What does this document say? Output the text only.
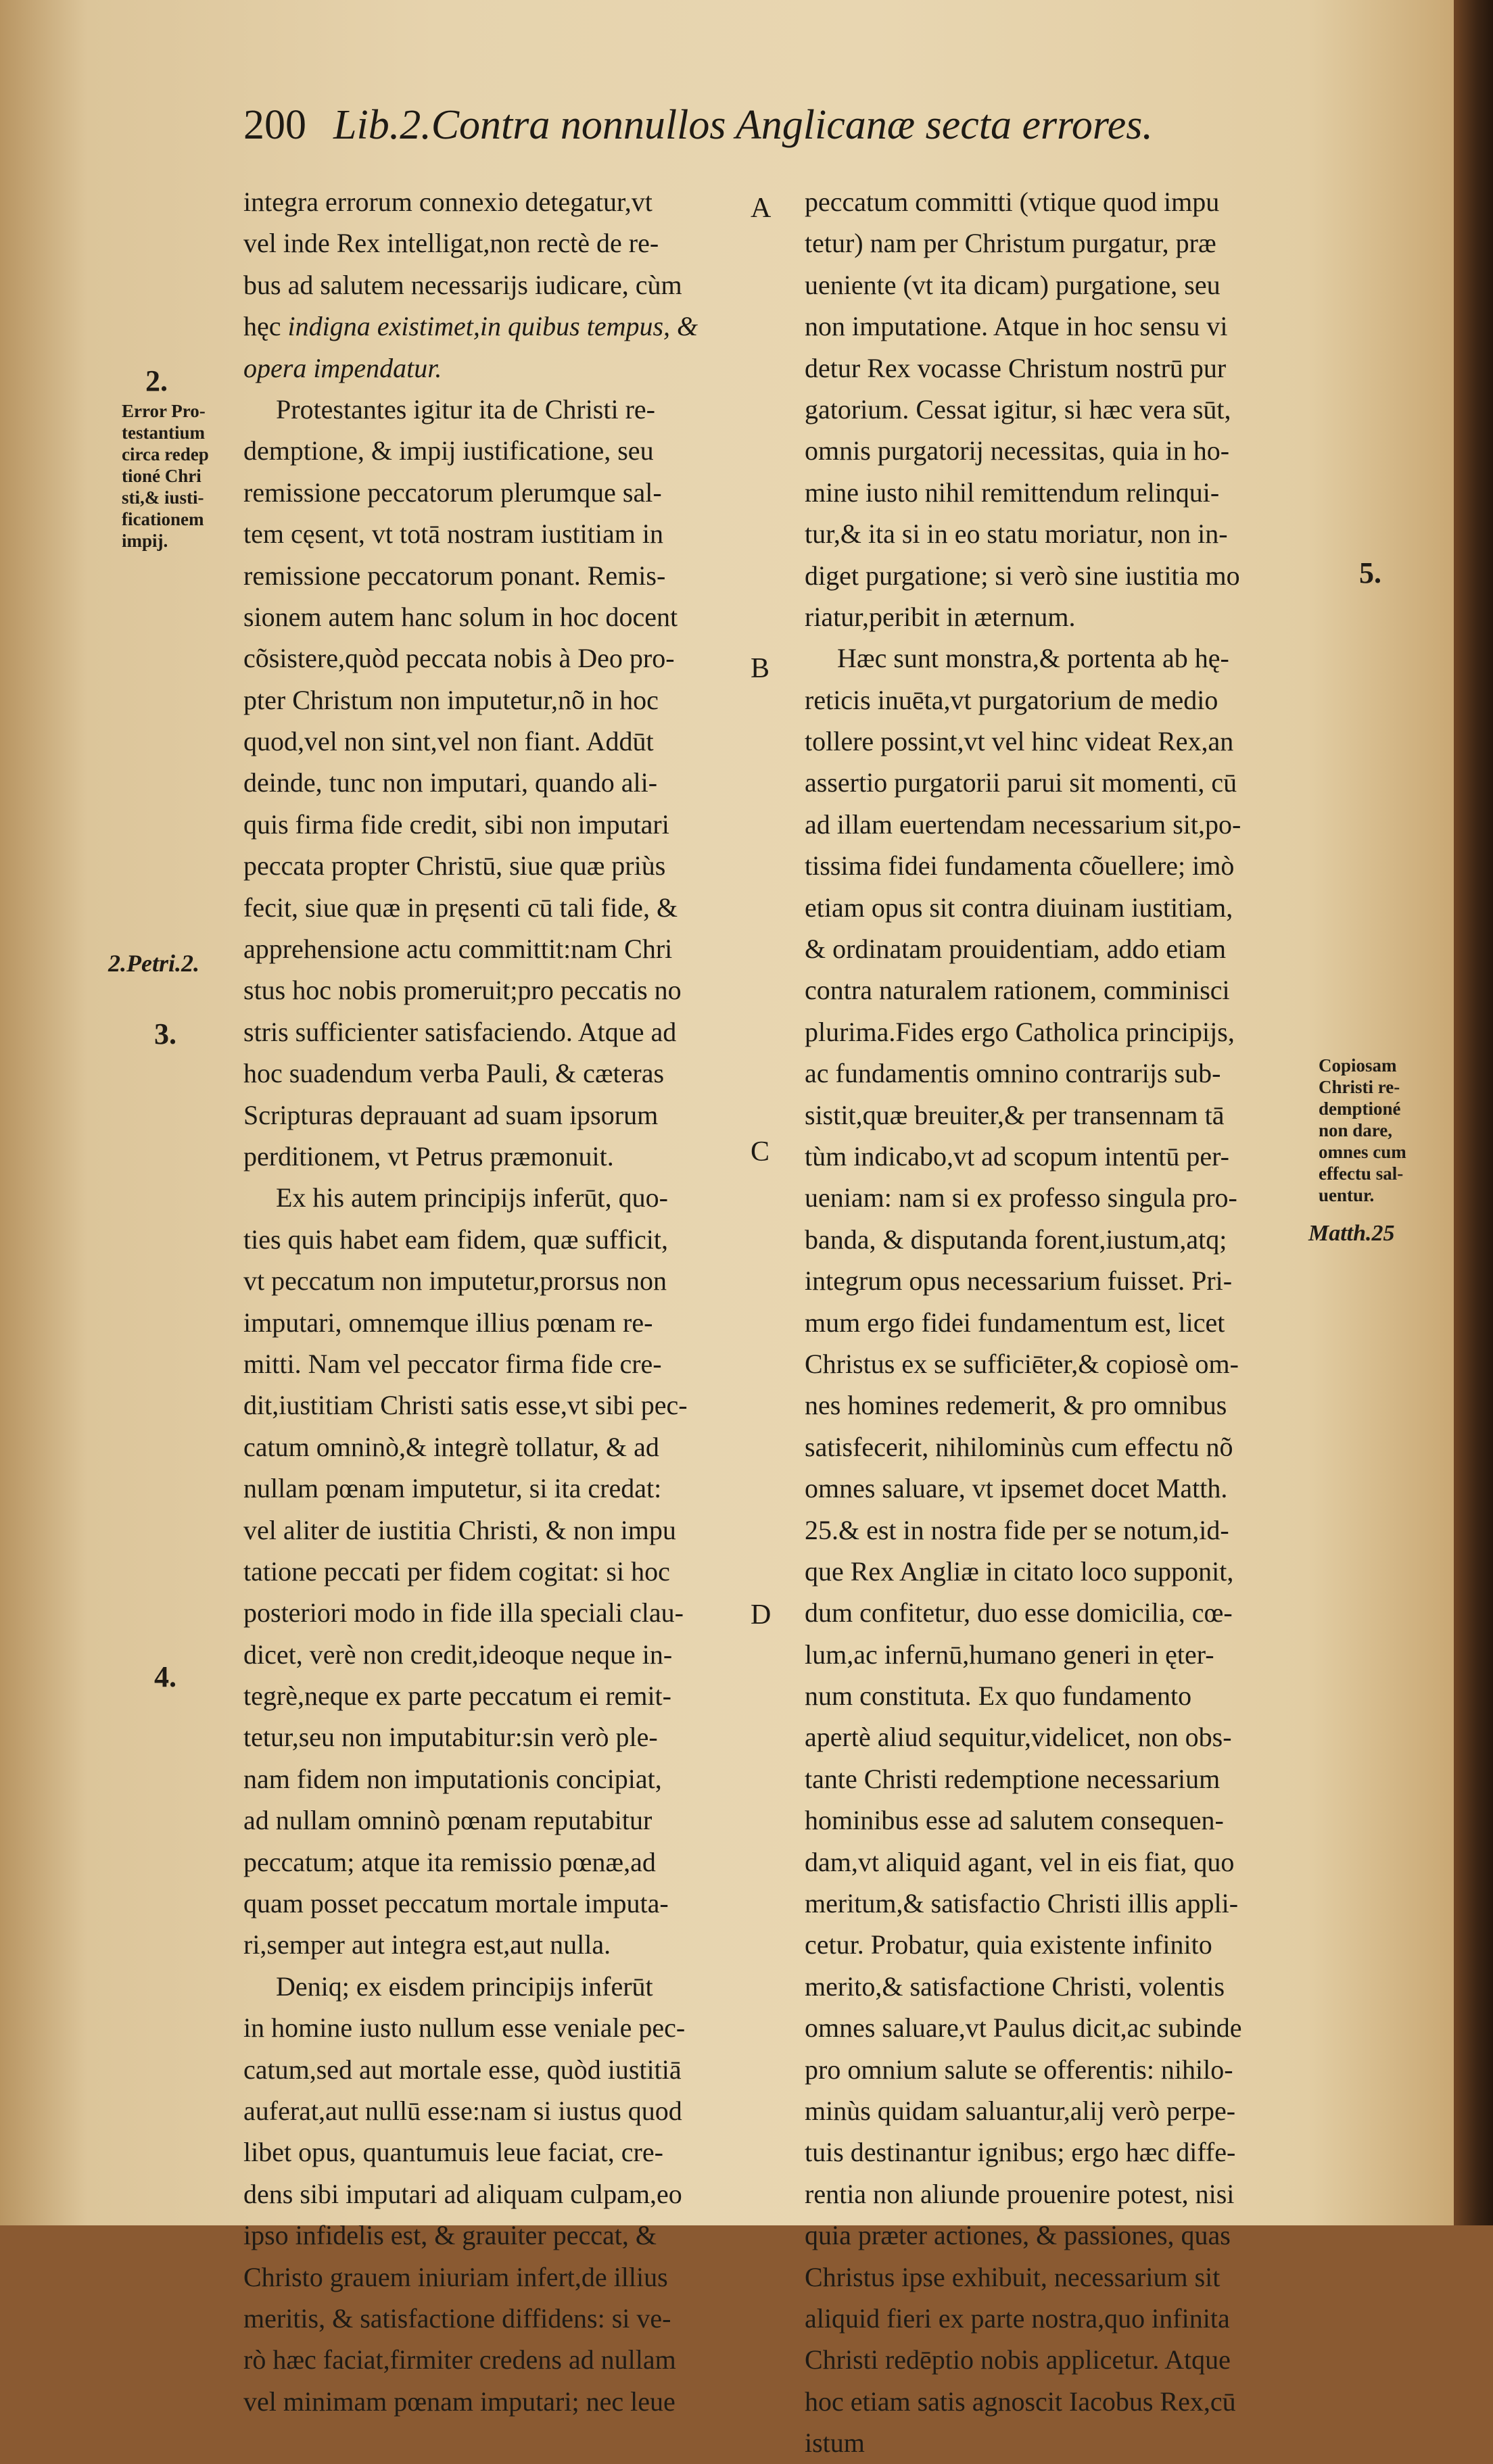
200 Lib.2.Contra nonnullos Anglicanæ secta errores.
2.
Error Pro-
testantium
circa redep
tioné Chri
sti,& iusti-
ficationem
impij.
2.Petri.2.
3.
4.
A
B
C
D
5.
Copiosam
Christi re-
demptioné
non dare,
omnes cum
effectu sal-
uentur.
Matth.25
integra errorum connexio detegatur,vt
vel inde Rex intelligat,non rectè de re-
bus ad salutem necessarijs iudicare, cùm
hęc indigna existimet,in quibus tempus, &
opera impendatur.
Protestantes igitur ita de Christi re-
demptione, & impij iustificatione, seu
remissione peccatorum plerumque sal-
tem cęsent, vt totā nostram iustitiam in
remissione peccatorum ponant. Remis-
sionem autem hanc solum in hoc docent
cõsistere,quòd peccata nobis à Deo pro-
pter Christum non imputetur,nõ in hoc
quod,vel non sint,vel non fiant. Addūt
deinde, tunc non imputari, quando ali-
quis firma fide credit, sibi non imputari
peccata propter Christū, siue quæ priùs
fecit, siue quæ in pręsenti cū tali fide, &
apprehensione actu committit:nam Chri
stus hoc nobis promeruit;pro peccatis no
stris sufficienter satisfaciendo. Atque ad
hoc suadendum verba Pauli, & cæteras
Scripturas deprauant ad suam ipsorum
perditionem, vt Petrus præmonuit.
Ex his autem principijs inferūt, quo-
ties quis habet eam fidem, quæ sufficit,
vt peccatum non imputetur,prorsus non
imputari, omnemque illius pœnam re-
mitti. Nam vel peccator firma fide cre-
dit,iustitiam Christi satis esse,vt sibi pec-
catum omninò,& integrè tollatur, & ad
nullam pœnam imputetur, si ita credat:
vel aliter de iustitia Christi, & non impu
tatione peccati per fidem cogitat: si hoc
posteriori modo in fide illa speciali clau-
dicet, verè non credit,ideoque neque in-
tegrè,neque ex parte peccatum ei remit-
tetur,seu non imputabitur:sin verò ple-
nam fidem non imputationis concipiat,
ad nullam omninò pœnam reputabitur
peccatum; atque ita remissio pœnæ,ad
quam posset peccatum mortale imputa-
ri,semper aut integra est,aut nulla.
Deniq; ex eisdem principijs inferūt
in homine iusto nullum esse veniale pec-
catum,sed aut mortale esse, quòd iustitiā
auferat,aut nullū esse:nam si iustus quod
libet opus, quantumuis leue faciat, cre-
dens sibi imputari ad aliquam culpam,eo
ipso infidelis est, & grauiter peccat, &
Christo grauem iniuriam infert,de illius
meritis, & satisfactione diffidens: si ve-
rò hæc faciat,firmiter credens ad nullam
vel minimam pœnam imputari; nec leue
peccatum committi (vtique quod impu
tetur) nam per Christum purgatur, præ
ueniente (vt ita dicam) purgatione, seu
non imputatione. Atque in hoc sensu vi
detur Rex vocasse Christum nostrū pur
gatorium. Cessat igitur, si hæc vera sūt,
omnis purgatorij necessitas, quia in ho-
mine iusto nihil remittendum relinqui-
tur,& ita si in eo statu moriatur, non in-
diget purgatione; si verò sine iustitia mo
riatur,peribit in æternum.
Hæc sunt monstra,& portenta ab hę-
reticis inuēta,vt purgatorium de medio
tollere possint,vt vel hinc videat Rex,an
assertio purgatorii parui sit momenti, cū
ad illam euertendam necessarium sit,po-
tissima fidei fundamenta cõuellere; imò
etiam opus sit contra diuinam iustitiam,
& ordinatam prouidentiam, addo etiam
contra naturalem rationem, comminisci
plurima.Fides ergo Catholica principijs,
ac fundamentis omnino contrarijs sub-
sistit,quæ breuiter,& per transennam tā
tùm indicabo,vt ad scopum intentū per-
ueniam: nam si ex professo singula pro-
banda, & disputanda forent,iustum,atq;
integrum opus necessarium fuisset. Pri-
mum ergo fidei fundamentum est, licet
Christus ex se sufficiēter,& copiosè om-
nes homines redemerit, & pro omnibus
satisfecerit, nihilominùs cum effectu nõ
omnes saluare, vt ipsemet docet Matth.
25.& est in nostra fide per se notum,id-
que Rex Angliæ in citato loco supponit,
dum confitetur, duo esse domicilia, cœ-
lum,ac infernū,humano generi in ęter-
num constituta. Ex quo fundamento
apertè aliud sequitur,videlicet, non obs-
tante Christi redemptione necessarium
hominibus esse ad salutem consequen-
dam,vt aliquid agant, vel in eis fiat, quo
meritum,& satisfactio Christi illis appli-
cetur. Probatur, quia existente infinito
merito,& satisfactione Christi, volentis
omnes saluare,vt Paulus dicit,ac subinde
pro omnium salute se offerentis: nihilo-
minùs quidam saluantur,alij verò perpe-
tuis destinantur ignibus; ergo hæc diffe-
rentia non aliunde prouenire potest, nisi
quia præter actiones, & passiones, quas
Christus ipse exhibuit, necessarium sit
aliquid fieri ex parte nostra,quo infinita
Christi redēptio nobis applicetur. Atque
hoc etiam satis agnoscit Iacobus Rex,cū
istum
